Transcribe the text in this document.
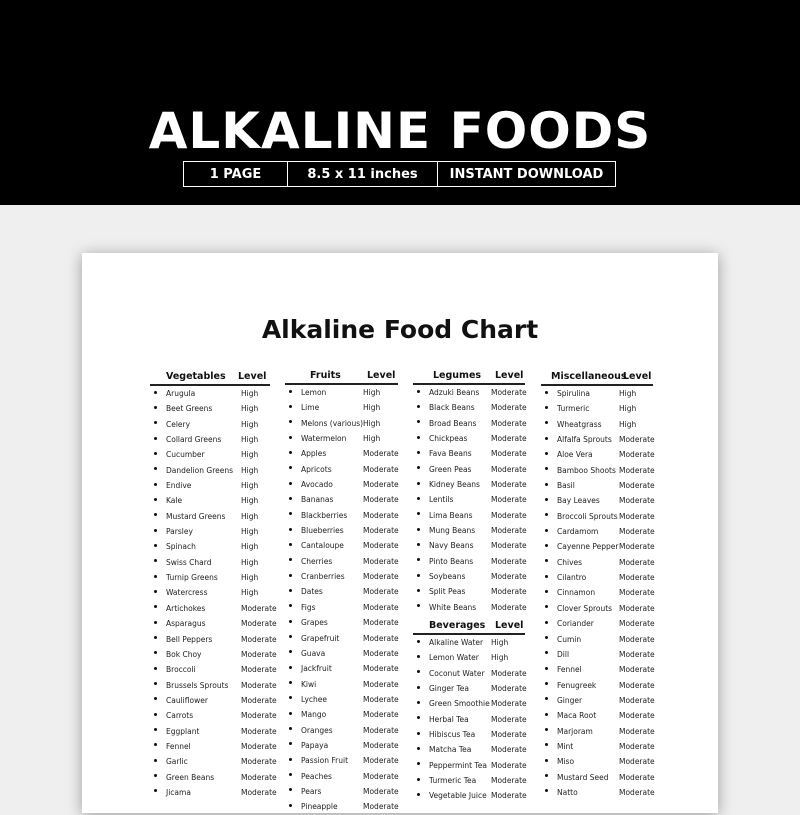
ALKALINE FOODS
1 PAGE	8.5 x 11 inches	INSTANT DOWNLOAD
Alkaline Food Chart
Vegetables Level
Arugula	High
Beet Greens	High
Celery	High
Collard Greens	High
Cucumber	High
Dandelion Greens High
Endive	High
Kale	High
Mustard Greens High
Parsley	High
Spinach	High
Swiss Chard	High
Turnip Greens	High
Watercress	High
Artichokes	Moderate
Asparagus	Moderate
Bell Peppers	Moderate
Bok Choy	Moderate
Broccoli	Moderate
Brussels Sprouts Moderate
Cauliflower	Moderate
Carrots	Moderate
Eggplant	Moderate
Fennel	Moderate
Garlic	Moderate
Green Beans	Moderate
Jicama	Moderate
Fruits	Level
Lemon	High
Lime	High
Melons (various) High
Watermelon High
Apples	Moderate
Apricots	Moderate
Avocado	Moderate
Bananas	Moderate
Blackberries Moderate
Blueberries	Moderate
Cantaloupe	Moderate
Cherries	Moderate
Cranberries Moderate
Dates	Moderate
Figs	Moderate
Grapes	Moderate
Grapefruit	Moderate
Guava	Moderate
Jackfruit	Moderate
Kiwi	Moderate
Lychee	Moderate
Mango	Moderate
Oranges	Moderate
Papaya	Moderate
Passion Fruit Moderate
Peaches	Moderate
Pears	Moderate
Pineapple	Moderate
Legumes Level
Adzuki Beans Moderate
Black Beans Moderate
Broad Beans Moderate
Chickpeas	Moderate
Fava Beans	Moderate
Green Peas	Moderate
Kidney Beans Moderate
Lentils	Moderate
Lima Beans Moderate
Mung Beans Moderate
Navy Beans Moderate
Pinto Beans Moderate
Soybeans	Moderate
Split Peas	Moderate
White Beans Moderate
Beverages Level
Alkaline Water High
Lemon Water High
Coconut Water Moderate
Ginger Tea	Moderate
Green Smoothie Moderate
Herbal Tea	Moderate
Hibiscus Tea Moderate
Matcha Tea	Moderate
Peppermint Tea Moderate
Turmeric Tea Moderate
Vegetable Juice Moderate
Miscellaneous
Level
Spirulina	High
Turmeric	High
Wheatgrass High
Alfalfa Sprouts Moderate
Aloe Vera	Moderate
Bamboo Shoots Moderate
Basil	Moderate
Bay Leaves	Moderate
Broccoli Sprouts Moderate
Cardamom	Moderate
Cayenne Pepper Moderate
Chives	Moderate
Cilantro	Moderate
Cinnamon	Moderate
Clover Sprouts Moderate
Coriander	Moderate
Cumin	Moderate
Dill	Moderate
Fennel	Moderate
Fenugreek	Moderate
Ginger	Moderate
Maca Root	Moderate
Marjoram	Moderate
Mint	Moderate
Miso	Moderate
Mustard Seed Moderate
Natto	Moderate
